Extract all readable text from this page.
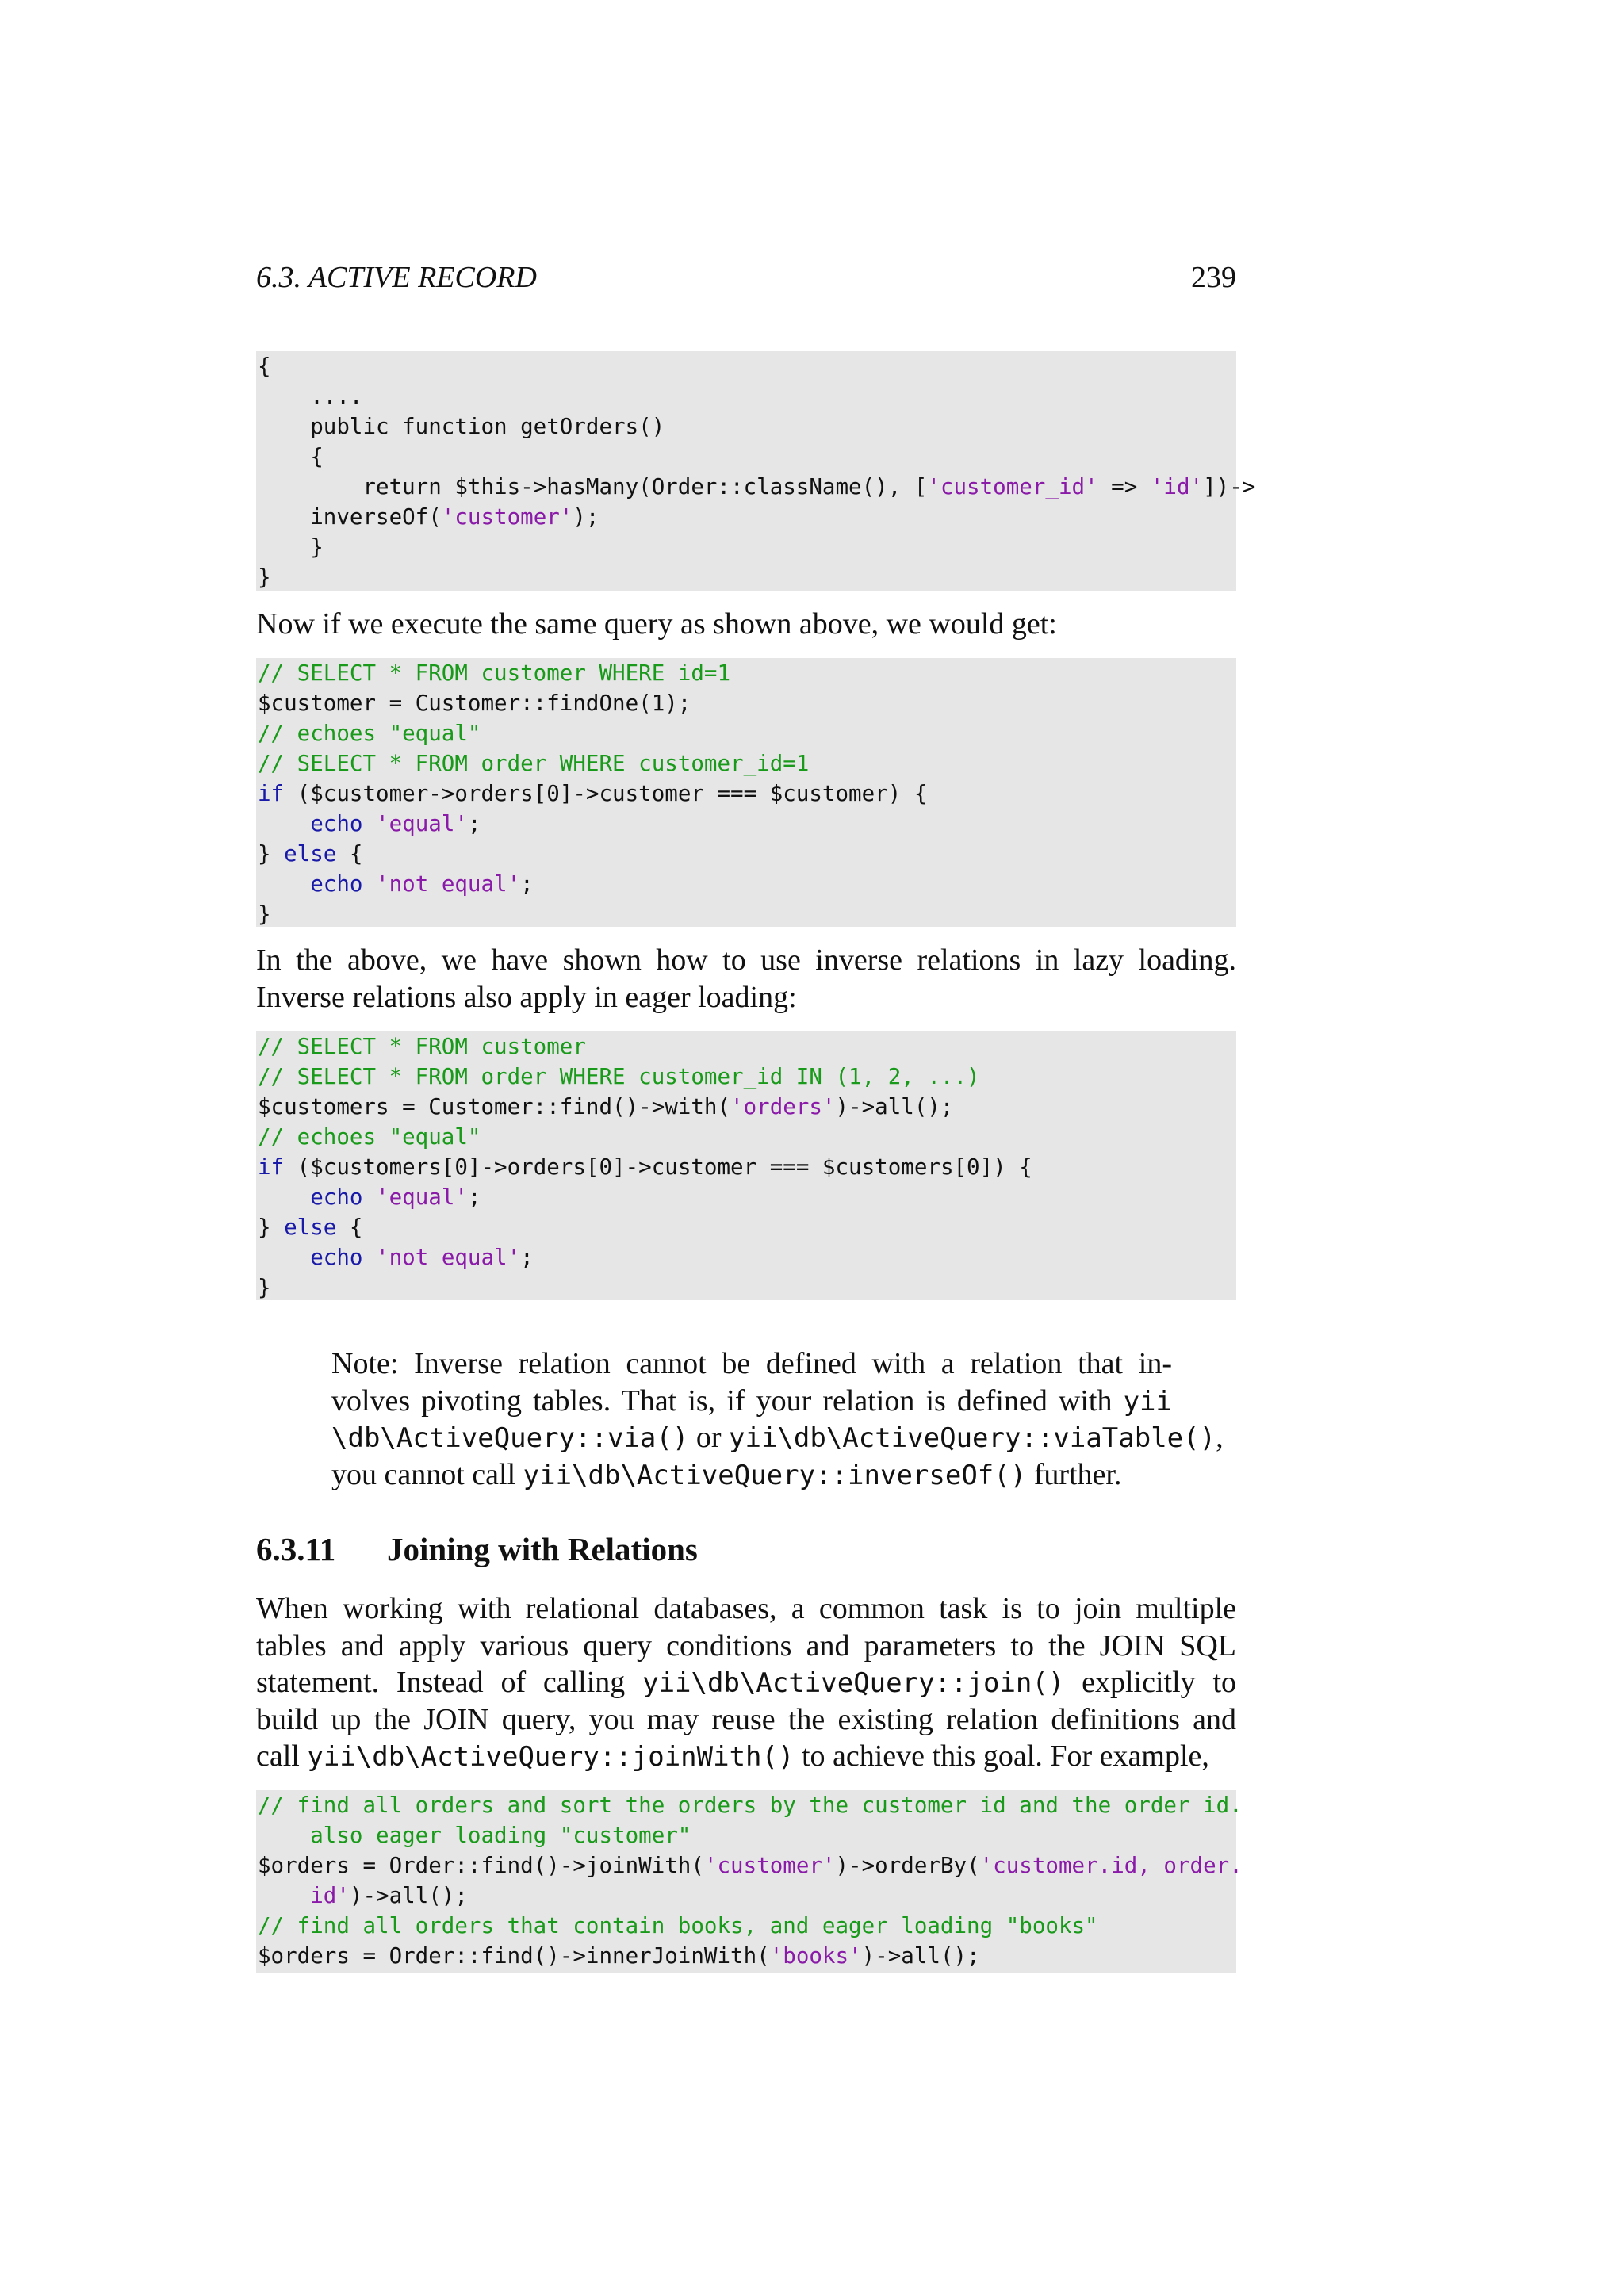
6.3. ACTIVE RECORD	239
{
....
public function getOrders()
{
return $this->hasMany(Order::className(), ['customer_id' => 'id'])->
inverseOf('customer');
}
}
Now if we execute the same query as shown above, we would get:
// SELECT * FROM customer WHERE id=1
$customer = Customer::findOne(1);
// echoes "equal"
// SELECT * FROM order WHERE customer_id=1
if ($customer->orders[0]->customer === $customer) {
echo 'equal';
} else {
echo 'not equal';
}
In the above, we have shown how to use inverse relations in lazy loading.
Inverse relations also apply in eager loading:
// SELECT * FROM customer
// SELECT * FROM order WHERE customer_id IN (1, 2, ...)
$customers = Customer::find()->with('orders')->all();
// echoes "equal"
if ($customers[0]->orders[0]->customer === $customers[0]) {
echo 'equal';
} else {
echo 'not equal';
}
Note: Inverse relation cannot be defined with a relation that in-
volves pivoting tables. That is, if your relation is defined with yii
\db\ActiveQuery::via() or yii\db\ActiveQuery::viaTable(),
you cannot call yii\db\ActiveQuery::inverseOf() further.
6.3.11 Joining with Relations
When working with relational databases, a common task is to join multiple
tables and apply various query conditions and parameters to the JOIN SQL
statement. Instead of calling yii\db\ActiveQuery::join() explicitly to
build up the JOIN query, you may reuse the existing relation definitions and
call yii\db\ActiveQuery::joinWith() to achieve this goal. For example,
// find all orders and sort the orders by the customer id and the order id.
also eager loading "customer"
$orders = Order::find()->joinWith('customer')->orderBy('customer.id, order.
id')->all();
// find all orders that contain books, and eager loading "books"
$orders = Order::find()->innerJoinWith('books')->all();
